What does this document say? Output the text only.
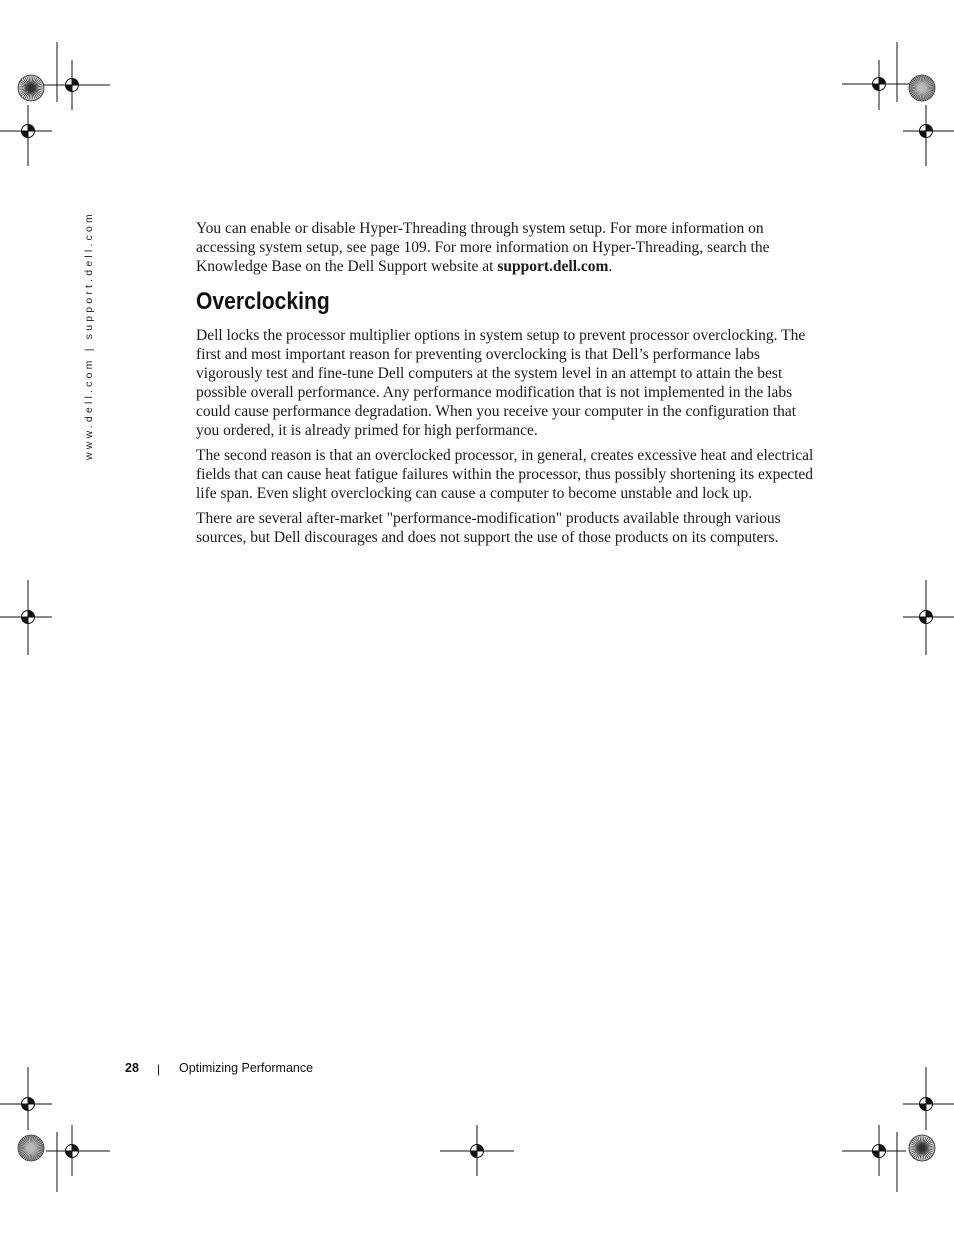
www.dell.com | support.dell.com	You can enable or disable Hyper-Threading through system setup. For more information on accessing system setup, see page 109. For more information on Hyper-Threading, search the Knowledge Base on the Dell Support website at support.dell.com.

Overclocking

Dell locks the processor multiplier options in system setup to prevent processor overclocking. The first and most important reason for preventing overclocking is that Dell’s performance labs vigorously test and fine-tune Dell computers at the system level in an attempt to attain the best possible overall performance. Any performance modification that is not implemented in the labs could cause performance degradation. When you receive your computer in the configuration that you ordered, it is already primed for high performance.

The second reason is that an overclocked processor, in general, creates excessive heat and electrical fields that can cause heat fatigue failures within the processor, thus possibly shortening its expected life span. Even slight overclocking can cause a computer to become unstable and lock up.

There are several after-market "performance-modification" products available through various sources, but Dell discourages and does not support the use of those products on its computers.

28 | Optimizing Performance
